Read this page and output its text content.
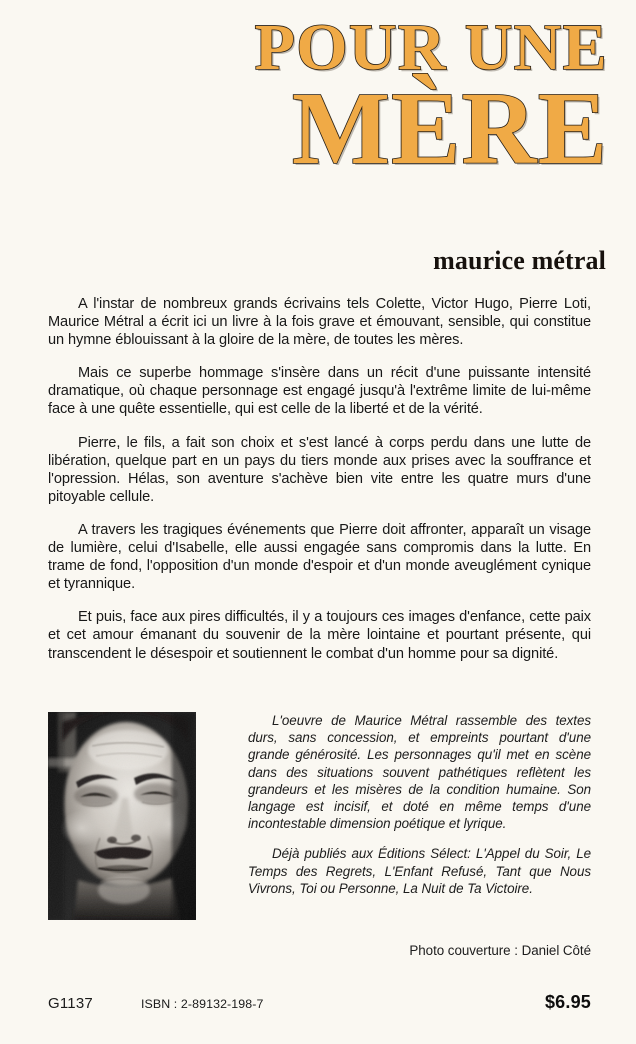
POUR UNE
MÈRE
maurice métral

A l'instar de nombreux grands écrivains tels Colette, Victor Hugo, Pierre Loti, Maurice Métral a écrit ici un livre à la fois grave et émouvant, sensible, qui constitue un hymne éblouissant à la gloire de la mère, de toutes les mères.

Mais ce superbe hommage s'insère dans un récit d'une puissante intensité dramatique, où chaque personnage est engagé jusqu'à l'extrême limite de lui-même face à une quête essentielle, qui est celle de la liberté et de la vérité.

Pierre, le fils, a fait son choix et s'est lancé à corps perdu dans une lutte de libération, quelque part en un pays du tiers monde aux prises avec la souffrance et l'opression. Hélas, son aventure s'achève bien vite entre les quatre murs d'une pitoyable cellule.

A travers les tragiques événements que Pierre doit affronter, apparaît un visage de lumière, celui d'Isabelle, elle aussi engagée sans compromis dans la lutte. En trame de fond, l'opposition d'un monde d'espoir et d'un monde aveuglément cynique et tyrannique.

Et puis, face aux pires difficultés, il y a toujours ces images d'enfance, cette paix et cet amour émanant du souvenir de la mère lointaine et pourtant présente, qui transcendent le désespoir et soutiennent le combat d'un homme pour sa dignité.

L'oeuvre de Maurice Métral rassemble des textes durs, sans concession, et empreints pourtant d'une grande générosité. Les personnages qu'il met en scène dans des situations souvent pathétiques reflètent les grandeurs et les misères de la condition humaine. Son langage est incisif, et doté en même temps d'une incontestable dimension poétique et lyrique.

Déjà publiés aux Éditions Sélect: L'Appel du Soir, Le Temps des Regrets, L'Enfant Refusé, Tant que Nous Vivrons, Toi ou Personne, La Nuit de Ta Victoire.

Photo couverture : Daniel Côté
G1137	ISBN : 2-89132-198-7	$6.95
